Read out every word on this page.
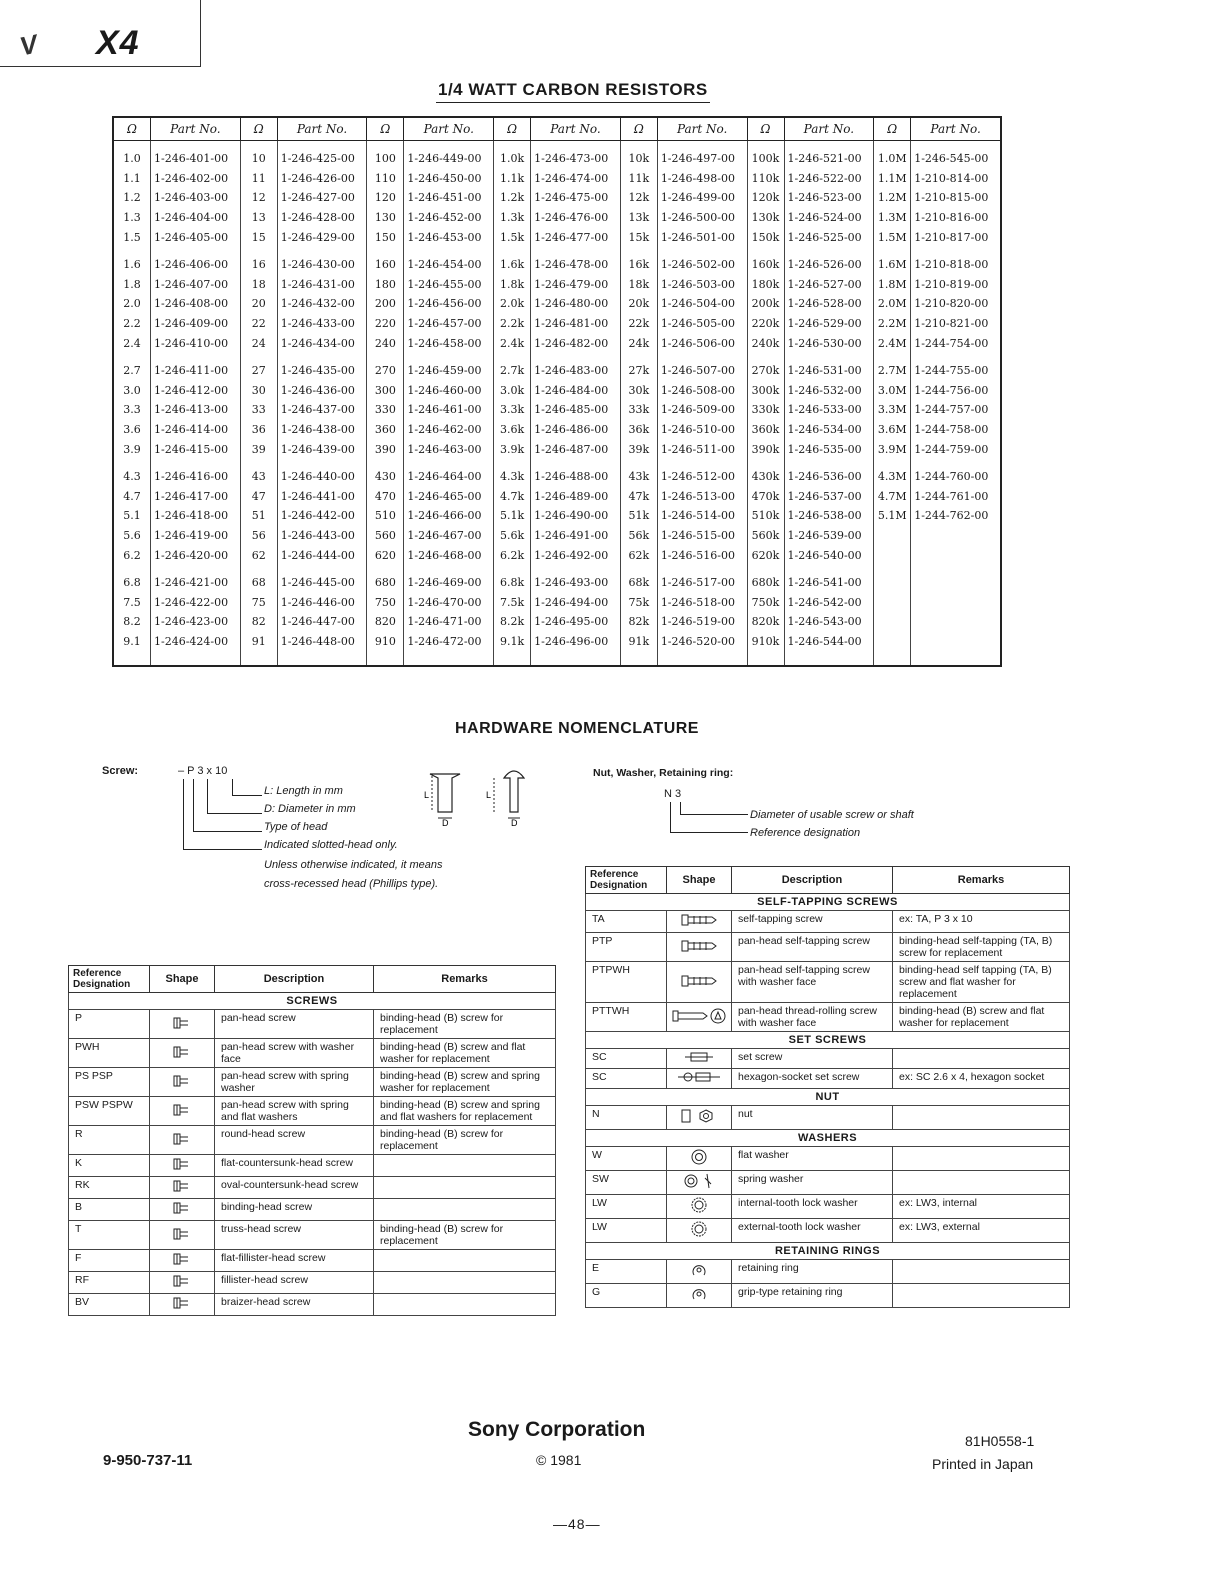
V X4
1/4 WATT CARBON RESISTORS
Ω	Part No.	Ω	Part No.	Ω	Part No.	Ω	Part No.	Ω	Part No.	Ω	Part No.	Ω	Part No.
1.0	1-246-401-00	10	1-246-425-00	100	1-246-449-00	1.0k	1-246-473-00	10k	1-246-497-00	100k	1-246-521-00	1.0M	1-246-545-00
1.1	1-246-402-00	11	1-246-426-00	110	1-246-450-00	1.1k	1-246-474-00	11k	1-246-498-00	110k	1-246-522-00	1.1M	1-210-814-00
1.2	1-246-403-00	12	1-246-427-00	120	1-246-451-00	1.2k	1-246-475-00	12k	1-246-499-00	120k	1-246-523-00	1.2M	1-210-815-00
1.3	1-246-404-00	13	1-246-428-00	130	1-246-452-00	1.3k	1-246-476-00	13k	1-246-500-00	130k	1-246-524-00	1.3M	1-210-816-00
1.5	1-246-405-00	15	1-246-429-00	150	1-246-453-00	1.5k	1-246-477-00	15k	1-246-501-00	150k	1-246-525-00	1.5M	1-210-817-00
1.6	1-246-406-00	16	1-246-430-00	160	1-246-454-00	1.6k	1-246-478-00	16k	1-246-502-00	160k	1-246-526-00	1.6M	1-210-818-00
1.8	1-246-407-00	18	1-246-431-00	180	1-246-455-00	1.8k	1-246-479-00	18k	1-246-503-00	180k	1-246-527-00	1.8M	1-210-819-00
2.0	1-246-408-00	20	1-246-432-00	200	1-246-456-00	2.0k	1-246-480-00	20k	1-246-504-00	200k	1-246-528-00	2.0M	1-210-820-00
2.2	1-246-409-00	22	1-246-433-00	220	1-246-457-00	2.2k	1-246-481-00	22k	1-246-505-00	220k	1-246-529-00	2.2M	1-210-821-00
2.4	1-246-410-00	24	1-246-434-00	240	1-246-458-00	2.4k	1-246-482-00	24k	1-246-506-00	240k	1-246-530-00	2.4M	1-244-754-00
2.7	1-246-411-00	27	1-246-435-00	270	1-246-459-00	2.7k	1-246-483-00	27k	1-246-507-00	270k	1-246-531-00	2.7M	1-244-755-00
3.0	1-246-412-00	30	1-246-436-00	300	1-246-460-00	3.0k	1-246-484-00	30k	1-246-508-00	300k	1-246-532-00	3.0M	1-244-756-00
3.3	1-246-413-00	33	1-246-437-00	330	1-246-461-00	3.3k	1-246-485-00	33k	1-246-509-00	330k	1-246-533-00	3.3M	1-244-757-00
3.6	1-246-414-00	36	1-246-438-00	360	1-246-462-00	3.6k	1-246-486-00	36k	1-246-510-00	360k	1-246-534-00	3.6M	1-244-758-00
3.9	1-246-415-00	39	1-246-439-00	390	1-246-463-00	3.9k	1-246-487-00	39k	1-246-511-00	390k	1-246-535-00	3.9M	1-244-759-00
4.3	1-246-416-00	43	1-246-440-00	430	1-246-464-00	4.3k	1-246-488-00	43k	1-246-512-00	430k	1-246-536-00	4.3M	1-244-760-00
4.7	1-246-417-00	47	1-246-441-00	470	1-246-465-00	4.7k	1-246-489-00	47k	1-246-513-00	470k	1-246-537-00	4.7M	1-244-761-00
5.1	1-246-418-00	51	1-246-442-00	510	1-246-466-00	5.1k	1-246-490-00	51k	1-246-514-00	510k	1-246-538-00	5.1M	1-244-762-00
5.6	1-246-419-00	56	1-246-443-00	560	1-246-467-00	5.6k	1-246-491-00	56k	1-246-515-00	560k	1-246-539-00		
6.2	1-246-420-00	62	1-246-444-00	620	1-246-468-00	6.2k	1-246-492-00	62k	1-246-516-00	620k	1-246-540-00		
6.8	1-246-421-00	68	1-246-445-00	680	1-246-469-00	6.8k	1-246-493-00	68k	1-246-517-00	680k	1-246-541-00		
7.5	1-246-422-00	75	1-246-446-00	750	1-246-470-00	7.5k	1-246-494-00	75k	1-246-518-00	750k	1-246-542-00		
8.2	1-246-423-00	82	1-246-447-00	820	1-246-471-00	8.2k	1-246-495-00	82k	1-246-519-00	820k	1-246-543-00		
9.1	1-246-424-00	91	1-246-448-00	910	1-246-472-00	9.1k	1-246-496-00	91k	1-246-520-00	910k	1-246-544-00		
HARDWARE NOMENCLATURE
Screw:	– P 3 x 10
L: Length in mm
D: Diameter in mm
Type of head
Indicated slotted-head only.
Unless otherwise indicated, it means
cross-recessed head (Phillips type).
L	L
D	D
Nut, Washer, Retaining ring:
N 3
Diameter of usable screw or shaft
Reference designation
Reference Designation	Shape	Description	Remarks
SCREWS			
P		pan-head screw	binding-head (B) screw for replacement
PWH		pan-head screw with washer face	binding-head (B) screw and flat washer for replacement
PS PSP		pan-head screw with spring washer	binding-head (B) screw and spring washer for replacement
PSW PSPW		pan-head screw with spring and flat washers	binding-head (B) screw and spring and flat washers for replacement
R		round-head screw	binding-head (B) screw for replacement
K		flat-countersunk-head screw	
RK		oval-countersunk-head screw	
B		binding-head screw	
T		truss-head screw	binding-head (B) screw for replacement
F		flat-fillister-head screw	
RF		fillister-head screw	
BV		braizer-head screw	
Reference Designation	Shape	Description	Remarks
SELF-TAPPING SCREWS			
TA		self-tapping screw	ex: TA, P 3 x 10
PTP		pan-head self-tapping screw	binding-head self-tapping (TA, B) screw for replacement
PTPWH		pan-head self-tapping screw with washer face	binding-head self tapping (TA, B) screw and flat washer for replacement
PTTWH		pan-head thread-rolling screw with washer face	binding-head (B) screw and flat washer for replacement
SET SCREWS			
SC		set screw	
SC		hexagon-socket set screw	ex: SC 2.6 x 4, hexagon socket
NUT			
N		nut	
WASHERS			
W		flat washer	
SW		spring washer	
LW		internal-tooth lock washer	ex: LW3, internal
LW		external-tooth lock washer	ex: LW3, external
RETAINING RINGS			
E		retaining ring	
G		grip-type retaining ring	
Sony Corporation
© 1981
9-950-737-11
81H0558-1
Printed in Japan
—48—
